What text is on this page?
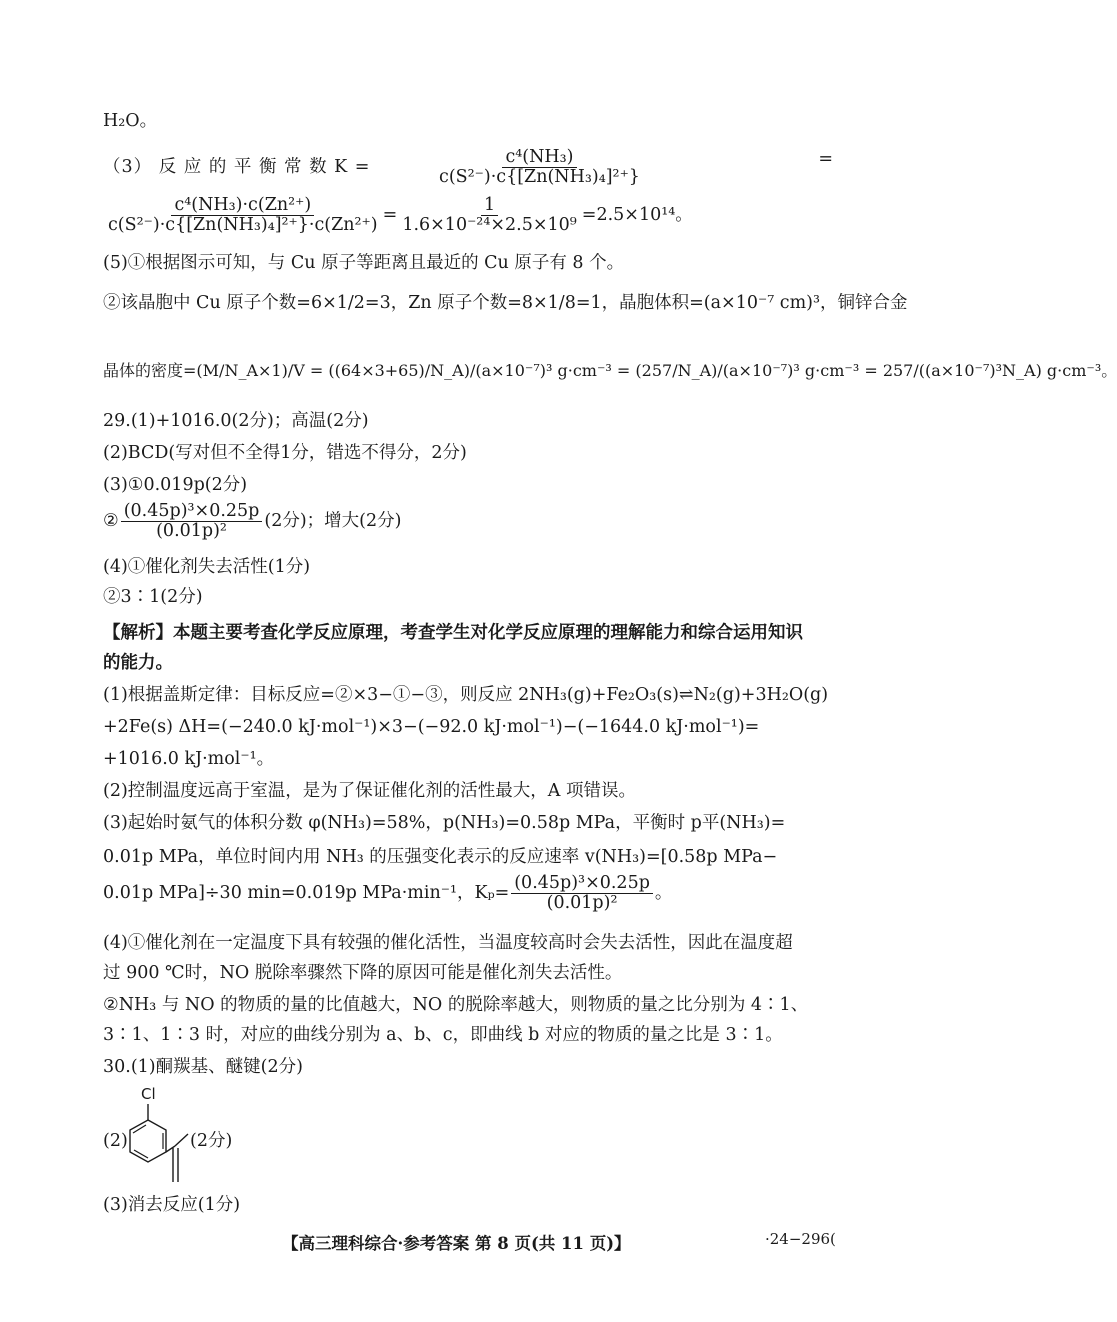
H₂O。
（3） 反 应 的 平 衡 常 数 K =	$\frac{\text{c⁴(NH₃)}}{\text{c(S²⁻)·c\{[Zn(NH₃)₄]²⁺\}}}$	=
$\frac{\text{c⁴(NH₃)·c(Zn²⁺)}}{\text{c(S²⁻)·c\{[Zn(NH₃)₄]²⁺\}·c(Zn²⁺)}} = \frac{1}{\text{1.6×10⁻²⁴×2.5×10⁹}} =2.5\times 10^{14}$。
(5)①根据图示可知，与 Cu 原子等距离且最近的 Cu 原子有 8 个。
②该晶胞中 Cu 原子个数=6×1/2=3，Zn 原子个数=8×1/8=1，晶胞体积=(a×10⁻⁷ cm)³，铜锌合金
晶体的密度=(M/N_A×1)/V = ((64×3+65)/N_A)/(a×10⁻⁷)³ g·cm⁻³ = (257/N_A)/(a×10⁻⁷)³ g·cm⁻³ = 257/((a×10⁻⁷)³N_A) g·cm⁻³。
29.(1)+1016.0(2分)；高温(2分)
(2)BCD(写对但不全得1分，错选不得分，2分)
(3)①0.019p(2分)
② $\frac{\text{(0.45p)³×0.25p}}{\text{(0.01p)²}} (2$分)；增大(2分)
(4)①催化剂失去活性(1分)
②3∶1(2分)
【解析】本题主要考查化学反应原理，考查学生对化学反应原理的理解能力和综合运用知识
的能力。
(1)根据盖斯定律：目标反应=②×3−①−③，则反应 2NH₃(g)+Fe₂O₃(s)⇌N₂(g)+3H₂O(g)
+2Fe(s) ΔH=(−240.0 kJ·mol⁻¹)×3−(−92.0 kJ·mol⁻¹)−(−1644.0 kJ·mol⁻¹)=
+1016.0 kJ·mol⁻¹。
(2)控制温度远高于室温，是为了保证催化剂的活性最大，A 项错误。
(3)起始时氨气的体积分数 φ(NH₃)=58%，p(NH₃)=0.58p MPa，平衡时 p平(NH₃)=
0.01p MPa，单位时间内用 NH₃ 的压强变化表示的反应速率 v(NH₃)=[0.58p MPa−
0.01p MPa]÷30 min=0.019p MPa·min⁻¹，$K_p= \frac{\text{(0.45p)³×0.25p}}{\text{(0.01p)²}}$ 。
(4)①催化剂在一定温度下具有较强的催化活性，当温度较高时会失去活性，因此在温度超
过 900 ℃时，NO 脱除率骤然下降的原因可能是催化剂失去活性。
②NH₃ 与 NO 的物质的量的比值越大，NO 的脱除率越大，则物质的量之比分别为 4∶1、
3∶1、1∶3 时，对应的曲线分别为 a、b、c，即曲线 b 对应的物质的量之比是 3∶1。
30.(1)酮羰基、醚键(2分)
(2)
Cl
(2分)
(3)消去反应(1分)
【高三理科综合·参考答案 第 8 页(共 11 页)】	·24−296(
